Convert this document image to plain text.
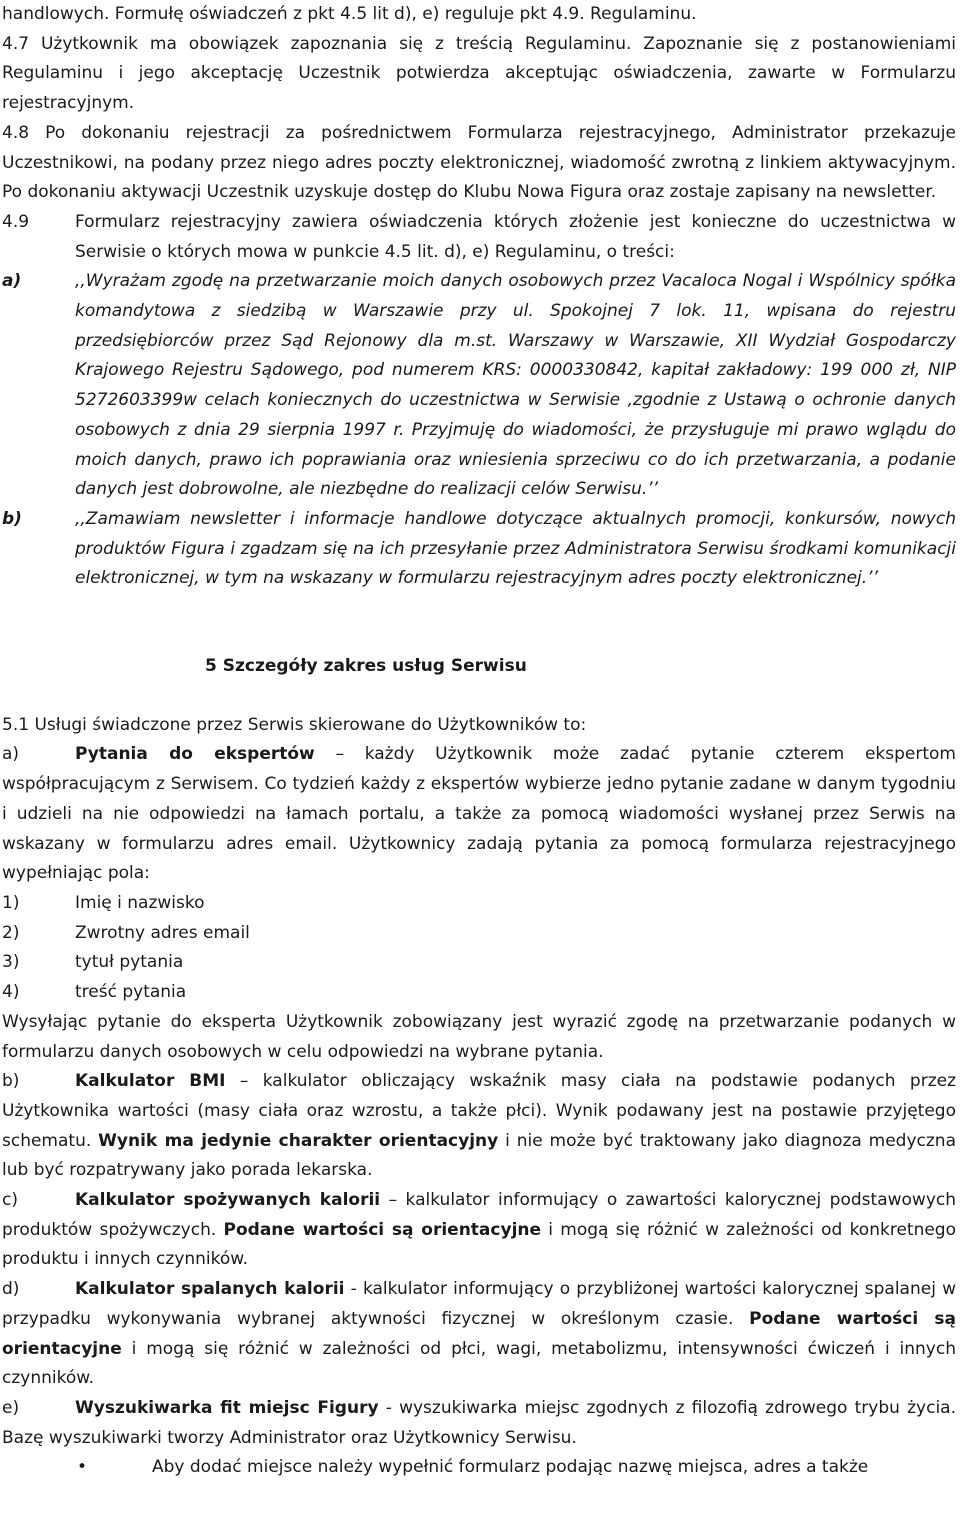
handlowych. Formułę oświadczeń z pkt 4.5 lit d), e) reguluje pkt 4.9. Regulaminu.

4.7 Użytkownik ma obowiązek zapoznania się z treścią Regulaminu. Zapoznanie się z postanowieniami Regulaminu i jego akceptację Uczestnik potwierdza akceptując oświadczenia, zawarte w Formularzu rejestracyjnym.

4.8 Po dokonaniu rejestracji za pośrednictwem Formularza rejestracyjnego, Administrator przekazuje Uczestnikowi, na podany przez niego adres poczty elektronicznej, wiadomość zwrotną z linkiem aktywacyjnym. Po dokonaniu aktywacji Uczestnik uzyskuje dostęp do Klubu Nowa Figura oraz zostaje zapisany na newsletter.

4.9	Formularz rejestracyjny zawiera oświadczenia których złożenie jest konieczne do uczestnictwa w Serwisie o których mowa w punkcie 4.5 lit. d), e) Regulaminu, o treści:

a)	,,Wyrażam zgodę na przetwarzanie moich danych osobowych przez Vacaloca Nogal i Wspólnicy spółka komandytowa z siedzibą w Warszawie przy ul. Spokojnej 7 lok. 11, wpisana do rejestru przedsiębiorców przez Sąd Rejonowy dla m.st. Warszawy w Warszawie, XII Wydział Gospodarczy Krajowego Rejestru Sądowego, pod numerem KRS: 0000330842, kapitał zakładowy: 199 000 zł, NIP 5272603399w celach koniecznych do uczestnictwa w Serwisie ,zgodnie z Ustawą o ochronie danych osobowych z dnia 29 sierpnia 1997 r. Przyjmuję do wiadomości, że przysługuje mi prawo wglądu do moich danych, prawo ich poprawiania oraz wniesienia sprzeciwu co do ich przetwarzania, a podanie danych jest dobrowolne, ale niezbędne do realizacji celów Serwisu.’’

b)	,,Zamawiam newsletter i informacje handlowe dotyczące aktualnych promocji, konkursów, nowych produktów Figura i zgadzam się na ich przesyłanie przez Administratora Serwisu środkami komunikacji elektronicznej, w tym na wskazany w formularzu rejestracyjnym adres poczty elektronicznej.’’

5 Szczegóły zakres usług Serwisu

5.1 Usługi świadczone przez Serwis skierowane do Użytkowników to:

a)	Pytania do ekspertów – każdy Użytkownik może zadać pytanie czterem ekspertom współpracującym z Serwisem. Co tydzień każdy z ekspertów wybierze jedno pytanie zadane w danym tygodniu i udzieli na nie odpowiedzi na łamach portalu, a także za pomocą wiadomości wysłanej przez Serwis na wskazany w formularzu adres email. Użytkownicy zadają pytania za pomocą formularza rejestracyjnego wypełniając pola:

1)	Imię i nazwisko

2)	Zwrotny adres email

3)	tytuł pytania

4)	treść pytania

Wysyłając pytanie do eksperta Użytkownik zobowiązany jest wyrazić zgodę na przetwarzanie podanych w formularzu danych osobowych w celu odpowiedzi na wybrane pytania.

b)	Kalkulator BMI – kalkulator obliczający wskaźnik masy ciała na podstawie podanych przez Użytkownika wartości (masy ciała oraz wzrostu, a także płci). Wynik podawany jest na postawie przyjętego schematu. Wynik ma jedynie charakter orientacyjny i nie może być traktowany jako diagnoza medyczna lub być rozpatrywany jako porada lekarska.

c)	Kalkulator spożywanych kalorii – kalkulator informujący o zawartości kalorycznej podstawowych produktów spożywczych. Podane wartości są orientacyjne i mogą się różnić w zależności od konkretnego produktu i innych czynników.

d)	Kalkulator spalanych kalorii - kalkulator informujący o przybliżonej wartości kalorycznej spalanej w przypadku wykonywania wybranej aktywności fizycznej w określonym czasie. Podane wartości są orientacyjne i mogą się różnić w zależności od płci, wagi, metabolizmu, intensywności ćwiczeń i innych czynników.

e)	Wyszukiwarka fit miejsc Figury - wyszukiwarka miejsc zgodnych z filozofią zdrowego trybu życia. Bazę wyszukiwarki tworzy Administrator oraz Użytkownicy Serwisu.

•	Aby dodać miejsce należy wypełnić formularz podając nazwę miejsca, adres a także
